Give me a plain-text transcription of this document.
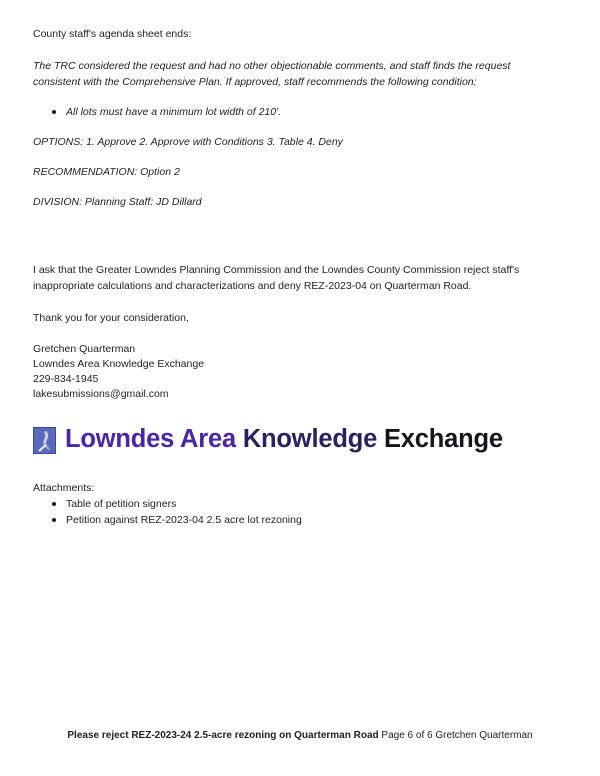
County staff's agenda sheet ends:

The TRC considered the request and had no other objectionable comments, and staff finds the request consistent with the Comprehensive Plan. If approved, staff recommends the following condition:

All lots must have a minimum lot width of 210'.

OPTIONS: 1. Approve 2. Approve with Conditions 3. Table 4. Deny

RECOMMENDATION: Option 2

DIVISION: Planning Staff: JD Dillard

I ask that the Greater Lowndes Planning Commission and the Lowndes County Commission reject staff's inappropriate calculations and characterizations and deny REZ-2023-04 on Quarterman Road.

Thank you for your consideration,

Gretchen Quarterman
Lowndes Area Knowledge Exchange
229-834-1945
lakesubmissions@gmail.com
Lowndes Area Knowledge Exchange

Attachments:

Table of petition signers
Petition against REZ-2023-04 2.5 acre lot rezoning
Please reject REZ-2023-24 2.5-acre rezoning on Quarterman Road Page 6 of 6 Gretchen Quarterman
